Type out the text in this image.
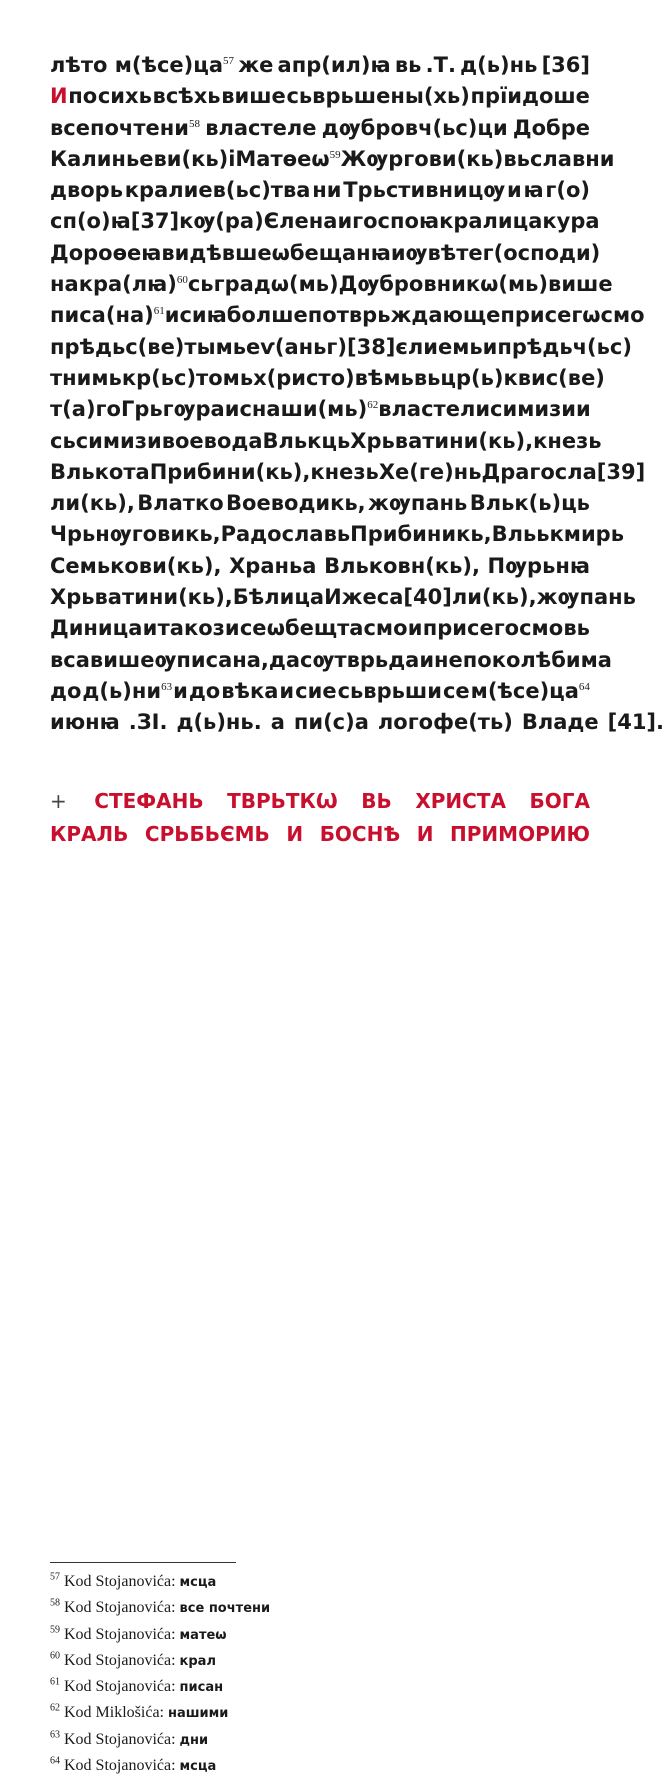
лѣто $м(ѣсе)ца^{57}$ же апр(ил)ꙗ вь .Т. д(ь)нь [36]
И по сихь всѣхь више сьврьшены(хь) прїидоше
всепочтени$^{58}$ властеле дѹбровч(ьс)ци Добре
Калиньеви(кь) і Матѳеѡ$^{59}$ Жѹргови(кь) вь славни
дворь кралиев(ьс)тва ни Трьстивницѹ и ꙗ г(о)
сп(о)ꙗ [37] кѹ(ра) Єлена и госпоꙗ кралица кура
Дороѳеꙗ видѣвше ѡбещанꙗ и ѹвѣте г(осподи)
на кра(лꙗ)$^{60}$ сь градѡ(мь) Дѹбровникѡ(мь) више
писа(на)$^{61}$ и сиꙗ болше потврьждающе присегѡсмо
прѣдь с(ве)тымь еѵ(аньг)[38]єлиемь и прѣдь ч(ьс)
тнимь кр(ьс)томь х(ристо)вѣмь вь цр(ь)кви с(ве)
т(а)го Грьгѹра и с наши(мь)$^{62}$ властели симизи и
сь симизи воевода Влькць Хрьватини(кь), кнезь
Влькота Прибини(кь), кнезь Хе(ге)нь Драгосла[39]
ли(кь), Влатко Воеводикь, жѹпань Вльк(ь)ць
Чрьнѹговикь, Радославь Прибиникь, Вльькмирь
Семькови(кь), Храньа Вльковн(кь), Пѹрьнꙗ
Хрьватини(кь), Бѣлица Ижеса[40]ли(кь), жѹпань
Диница и такози се ѡбещтасмо и присегосмо вь
вса више ѹписана, да сѹ тврьда и непоколѣбима
до $д(ь)ни^{63}$ и до вѣка и сие сьврьши се $м(ѣсе)ца^{64}$
июнꙗ .ЗІ. д(ь)нь. а пи(с)а логофе(ть) Владе [41].
+ СТЕФАНЬ ТВРЬТКѠ ВЬ ХРИСТА БОГА
КРАЛЬ СРЬБЬЄМЬ И БОСНѢ И ПРИМОРИЮ
$^{57}$ Kod Stojanovića: мсца
$^{58}$ Kod Stojanovića: все почтени
$^{59}$ Kod Stojanovića: матеѡ
$^{60}$ Kod Stojanovića: крал
$^{61}$ Kod Stojanovića: писан
$^{62}$ Kod Miklošića: нашими
$^{63}$ Kod Stojanovića: дни
$^{64}$ Kod Stojanovića: мсца
